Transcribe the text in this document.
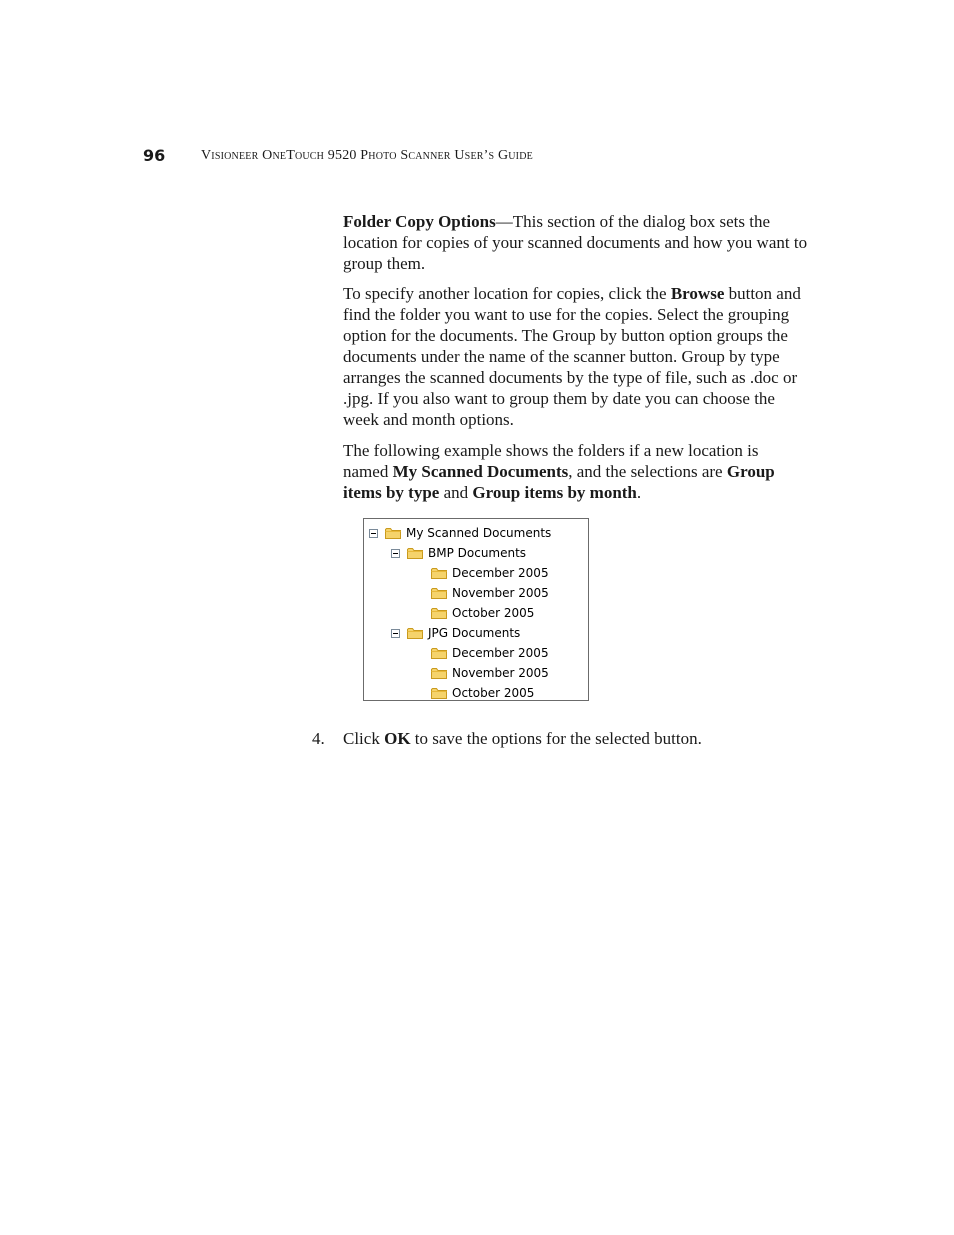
96	Visioneer OneTouch 9520 Photo Scanner User’s Guide

Folder Copy Options—This section of the dialog box sets the location for copies of your scanned documents and how you want to group them.

To specify another location for copies, click the Browse button and find the folder you want to use for the copies. Select the grouping option for the documents. The Group by button option groups the documents under the name of the scanner button. Group by type arranges the scanned documents by the type of file, such as .doc or .jpg. If you also want to group them by date you can choose the week and month options.

The following example shows the folders if a new location is named My Scanned Documents, and the selections are Group items by type and Group items by month.

My Scanned Documents
BMP Documents
December 2005
November 2005
October 2005
JPG Documents
December 2005
November 2005
October 2005
4. Click OK to save the options for the selected button.
